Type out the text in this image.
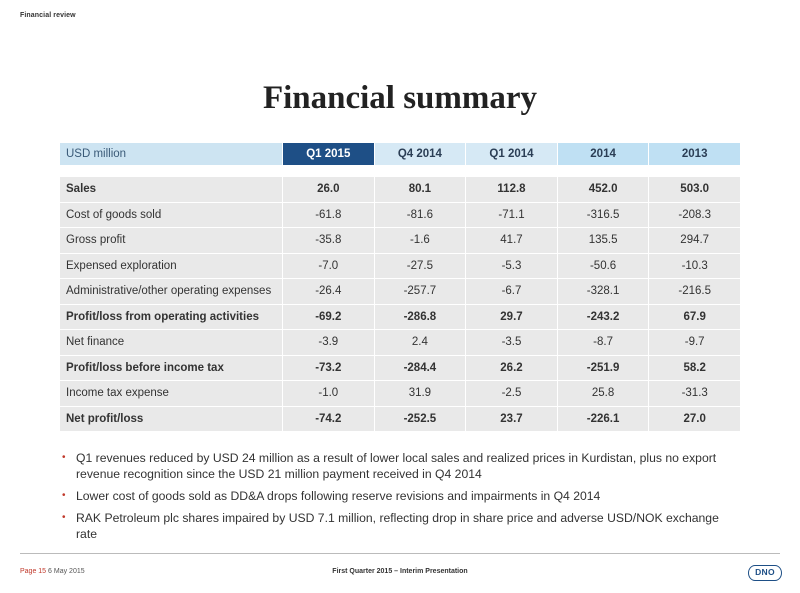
Financial review
Financial summary
USD million	Q1 2015	Q4 2014	Q1 2014	2014	2013

Sales	26.0	80.1	112.8	452.0	503.0
Cost of goods sold	-61.8	-81.6	-71.1	-316.5	-208.3
Gross profit	-35.8	-1.6	41.7	135.5	294.7
Expensed exploration	-7.0	-27.5	-5.3	-50.6	-10.3
Administrative/other operating expenses	-26.4	-257.7	-6.7	-328.1	-216.5
Profit/loss from operating activities	-69.2	-286.8	29.7	-243.2	67.9
Net finance	-3.9	2.4	-3.5	-8.7	-9.7
Profit/loss before income tax	-73.2	-284.4	26.2	-251.9	58.2
Income tax expense	-1.0	31.9	-2.5	25.8	-31.3
Net profit/loss	-74.2	-252.5	23.7	-226.1	27.0
• Q1 revenues reduced by USD 24 million as a result of lower local sales and realized prices in Kurdistan, plus no export revenue recognition since the USD 21 million payment received in Q4 2014
• Lower cost of goods sold as DD&A drops following reserve revisions and impairments in Q4 2014
• RAK Petroleum plc shares impaired by USD 7.1 million, reflecting drop in share price and adverse USD/NOK exchange rate
Page 15 6 May 2015	First Quarter 2015 – Interim Presentation	DNO
